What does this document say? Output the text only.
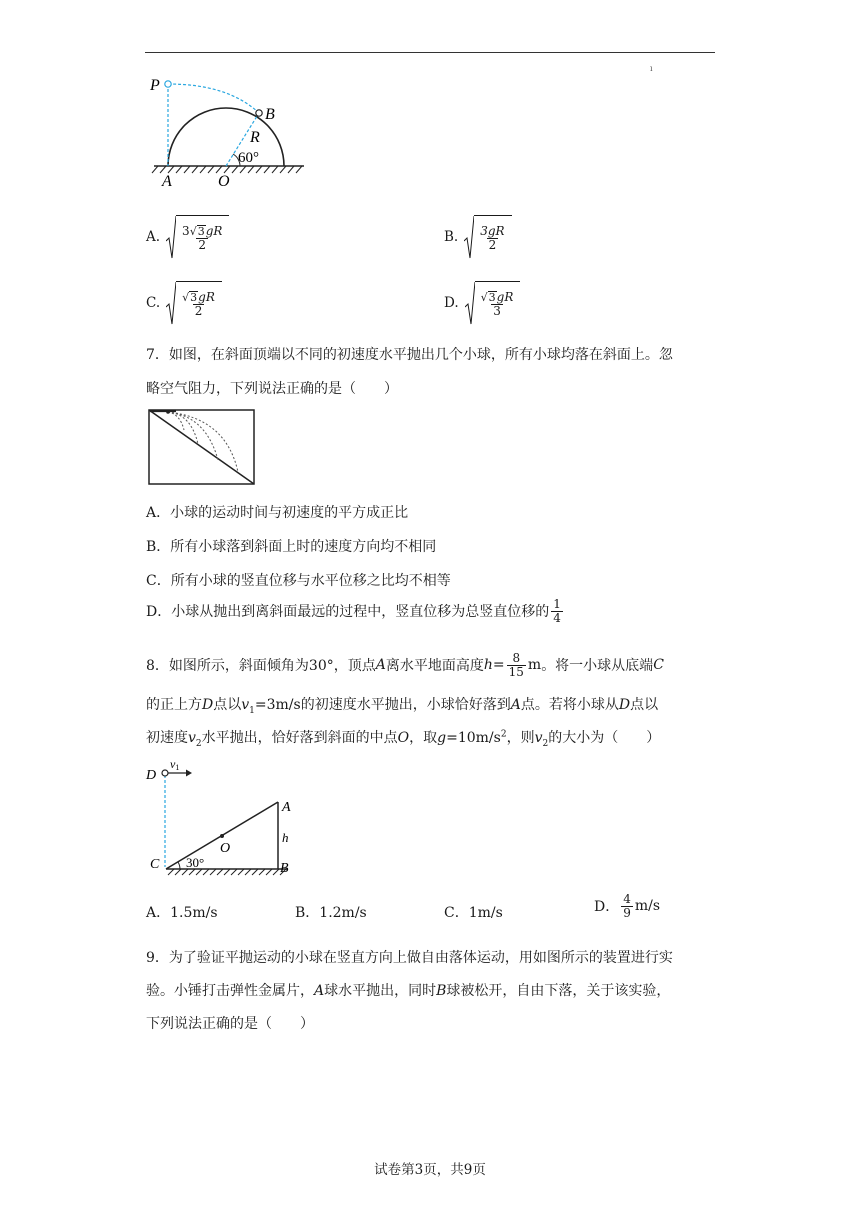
ı
P
B
R
60°
A	O
A. $\frac{3 √ 3 gR}{2}$	B. $\frac{3gR}{2}$
C. $\frac{√ 3 gR}{2}$	D. $\frac{√ 3 gR}{3}$
7．如图，在斜面顶端以不同的初速度水平抛出几个小球，所有小球均落在斜面上。忽
略空气阻力，下列说法正确的是（　　）
A．小球的运动时间与初速度的平方成正比
B．所有小球落到斜面上时的速度方向均不相同
C．所有小球的竖直位移与水平位移之比均不相等
D． 小球从抛出到离斜面最远的过程中，竖直位移为总竖直位移的 $\frac{1}{4}$
8．如图所示，斜面倾角为30°，顶点 A 离水平地面高度 $h = \frac{8}{15}$ m 。将一小球从底端 C
的正上方D点以$v_1=3m/s$的初速度水平抛出，小球恰好落到A点。若将小球从D点以
初速度$v_2$水平抛出，恰好落到斜面的中点O，取$g=10m/s^2$，则$v_2$的大小为（　　）
D
v1
A
h
O
C 30°	B
A．1.5m/s	B．1.2m/s	C．1m/s	D． $\frac{4}{9} m/s$
9．为了验证平抛运动的小球在竖直方向上做自由落体运动，用如图所示的装置进行实
验。小锤打击弹性金属片，A球水平抛出，同时B球被松开，自由下落，关于该实验，
下列说法正确的是（　　）
试卷第3页，共9页
